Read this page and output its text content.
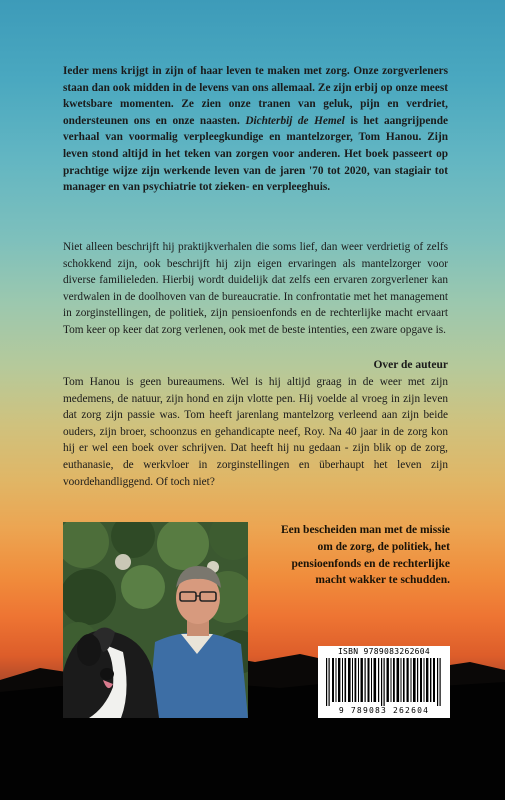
Ieder mens krijgt in zijn of haar leven te maken met zorg. Onze zorgverleners staan dan ook midden in de levens van ons allemaal. Ze zijn erbij op onze meest kwetsbare momenten. Ze zien onze tranen van geluk, pijn en verdriet, ondersteunen ons en onze naasten. Dichterbij de Hemel is het aangrijpende verhaal van voormalig verpleegkundige en mantelzorger, Tom Hanou. Zijn leven stond altijd in het teken van zorgen voor anderen. Het boek passeert op prachtige wijze zijn werkende leven van de jaren '70 tot 2020, van stagiair tot manager en van psychiatrie tot zieken- en verpleeghuis.

Niet alleen beschrijft hij praktijkverhalen die soms lief, dan weer verdrietig of zelfs schokkend zijn, ook beschrijft hij zijn eigen ervaringen als mantelzorger voor diverse familieleden. Hierbij wordt duidelijk dat zelfs een ervaren zorgverlener kan verdwalen in de doolhoven van de bureaucratie. In confrontatie met het management in zorginstellingen, de politiek, zijn pensioenfonds en de rechterlijke macht ervaart Tom keer op keer dat zorg verlenen, ook met de beste intenties, een zware opgave is.

Over de auteur

Tom Hanou is geen bureaumens. Wel is hij altijd graag in de weer met zijn medemens, de natuur, zijn hond en zijn vlotte pen. Hij voelde al vroeg in zijn leven dat zorg zijn passie was. Tom heeft jarenlang mantelzorg verleend aan zijn beide ouders, zijn broer, schoonzus en gehandicapte neef, Roy. Na 40 jaar in de zorg kon hij er wel een boek over schrijven. Dat heeft hij nu gedaan - zijn blik op de zorg, euthanasie, de werkvloer in zorginstellingen en überhaupt het leven zijn voordehandliggend. Of toch niet?

Een bescheiden man met de missie om de zorg, de politiek, het pensioenfonds en de rechterlijke macht wakker te schudden.

ISBN 9789083262604
9 789083 262604
